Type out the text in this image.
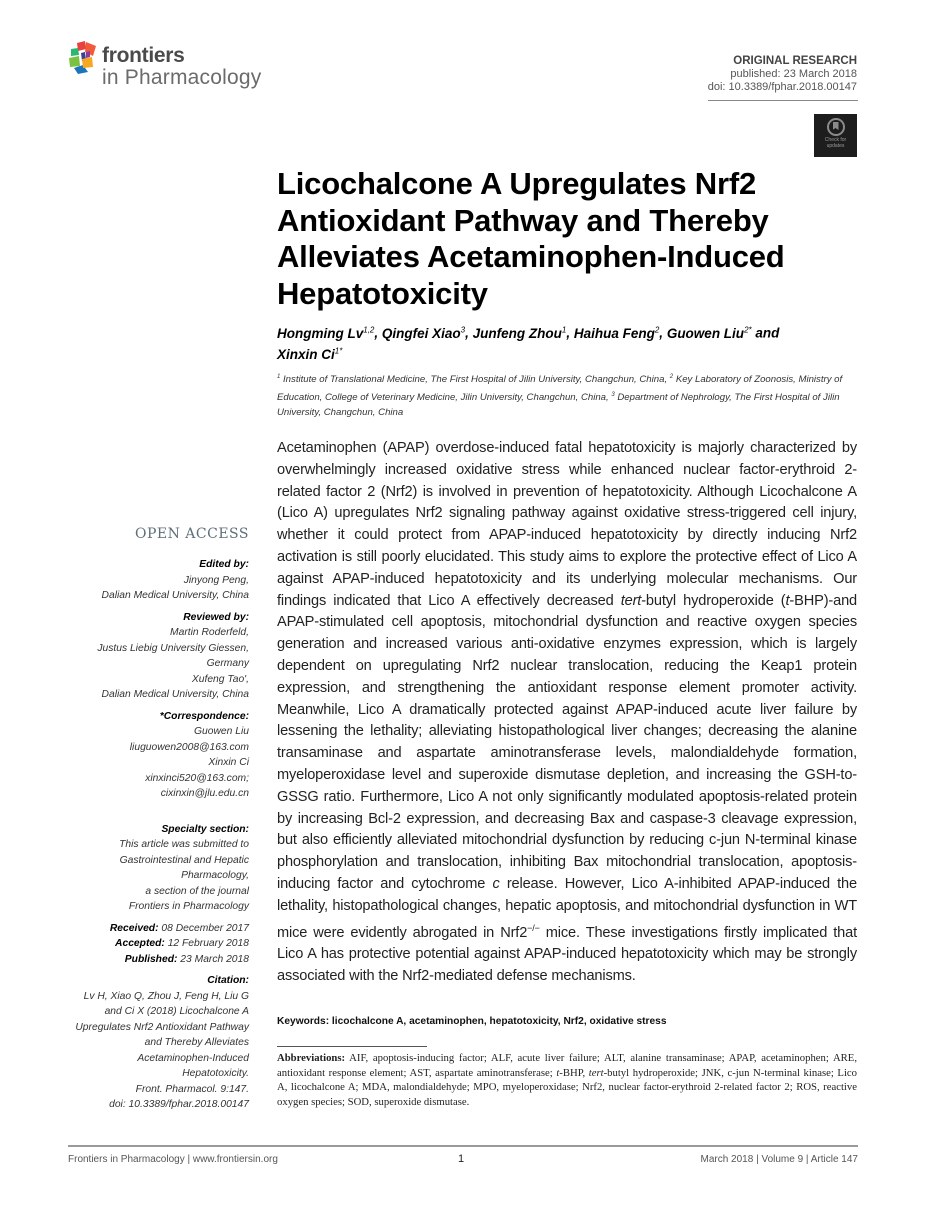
frontiers
in Pharmacology
ORIGINAL RESEARCH
published: 23 March 2018
doi: 10.3389/fphar.2018.00147
Check for
updates
Licochalcone A Upregulates Nrf2 Antioxidant Pathway and Thereby Alleviates Acetaminophen-Induced Hepatotoxicity
Hongming Lv$^{1,2}$, Qingfei Xiao$^3$, Junfeng Zhou$^1$, Haihua Feng$^2$, Guowen Liu$^{2*}$ and
Xinxin $Ci^{1*}$
$^1$ Institute of Translational Medicine, The First Hospital of Jilin University, Changchun, China, $^2$ Key Laboratory of Zoonosis, Ministry of Education, College of Veterinary Medicine, Jilin University, Changchun, China, $^3$ Department of Nephrology, The First Hospital of Jilin University, Changchun, China
OPEN ACCESS
Edited by:
Jinyong Peng,
Dalian Medical University, China
Reviewed by:
Martin Roderfeld,
Justus Liebig University Giessen,
Germany
Xufeng Tao',
Dalian Medical University, China
*Correspondence:
Guowen Liu
liuguowen2008@163.com
Xinxin Ci
xinxinci520@163.com;
cixinxin@jlu.edu.cn
Specialty section:
This article was submitted to
Gastrointestinal and Hepatic
Pharmacology,
a section of the journal
Frontiers in Pharmacology
Received: 08 December 2017
Accepted: 12 February 2018
Published: 23 March 2018
Citation:
Lv H, Xiao Q, Zhou J, Feng H, Liu G
and Ci X (2018) Licochalcone A
Upregulates Nrf2 Antioxidant Pathway
and Thereby Alleviates
Acetaminophen-Induced
Hepatotoxicity.
Front. Pharmacol. 9:147.
doi: 10.3389/fphar.2018.00147
Acetaminophen (APAP) overdose-induced fatal hepatotoxicity is majorly characterized by overwhelmingly increased oxidative stress while enhanced nuclear factor-erythroid 2-related factor 2 (Nrf2) is involved in prevention of hepatotoxicity. Although Licochalcone A (Lico A) upregulates Nrf2 signaling pathway against oxidative stress-triggered cell injury, whether it could protect from APAP-induced hepatotoxicity by directly inducing Nrf2 activation is still poorly elucidated. This study aims to explore the protective effect of Lico A against APAP-induced hepatotoxicity and its underlying molecular mechanisms. Our findings indicated that Lico A effectively decreased tert-butyl hydroperoxide (t-BHP)-and APAP-stimulated cell apoptosis, mitochondrial dysfunction and reactive oxygen species generation and increased various anti-oxidative enzymes expression, which is largely dependent on upregulating Nrf2 nuclear translocation, reducing the Keap1 protein expression, and strengthening the antioxidant response element promoter activity. Meanwhile, Lico A dramatically protected against APAP-induced acute liver failure by lessening the lethality; alleviating histopathological liver changes; decreasing the alanine transaminase and aspartate aminotransferase levels, malondialdehyde formation, myeloperoxidase level and superoxide dismutase depletion, and increasing the GSH-to-GSSG ratio. Furthermore, Lico A not only significantly modulated apoptosis-related protein by increasing Bcl-2 expression, and decreasing Bax and caspase-3 cleavage expression, but also efficiently alleviated mitochondrial dysfunction by reducing c-jun N-terminal kinase phosphorylation and translocation, inhibiting Bax mitochondrial translocation, apoptosis-inducing factor and cytochrome c release. However, Lico A-inhibited APAP-induced the lethality, histopathological changes, hepatic apoptosis, and mitochondrial dysfunction in WT mice were evidently abrogated in Nrf2−/− mice. These investigations firstly implicated that Lico A has protective potential against APAP-induced hepatotoxicity which may be strongly associated with the Nrf2-mediated defense mechanisms.
Keywords: licochalcone A, acetaminophen, hepatotoxicity, Nrf2, oxidative stress
Abbreviations: AIF, apoptosis-inducing factor; ALF, acute liver failure; ALT, alanine transaminase; APAP, acetaminophen; ARE, antioxidant response element; AST, aspartate aminotransferase; t-BHP, tert-butyl hydroperoxide; JNK, c-jun N-terminal kinase; Lico A, licochalcone A; MDA, malondialdehyde; MPO, myeloperoxidase; Nrf2, nuclear factor-erythroid 2-related factor 2; ROS, reactive oxygen species; SOD, superoxide dismutase.
Frontiers in Pharmacology | www.frontiersin.org	1	March 2018 | Volume 9 | Article 147
